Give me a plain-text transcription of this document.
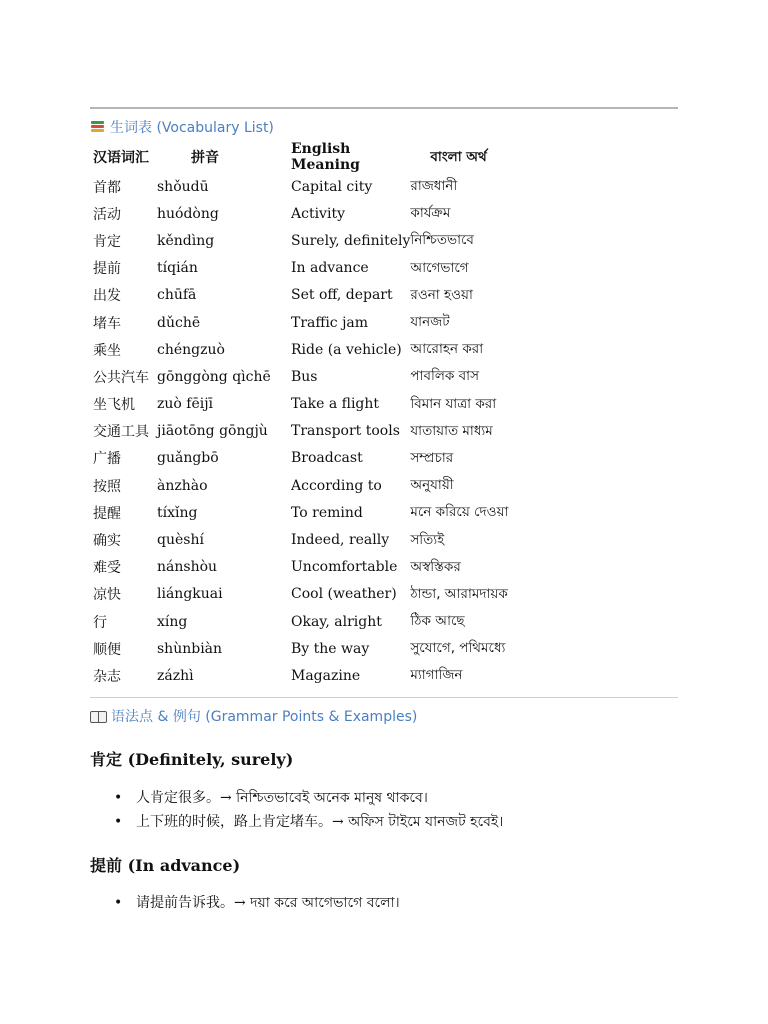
生词表 (Vocabulary List)
汉语词汇	拼音	English Meaning	বাংলা অর্থ
首都	shǒudū	Capital city	রাজধানী
活动	huódòng	Activity	কার্যক্রম
肯定	kěndìng	Surely, definitely	নিশ্চিতভাবে
提前	tíqián	In advance	আগেভাগে
出发	chūfā	Set off, depart	রওনা হওয়া
堵车	dǔchē	Traffic jam	যানজট
乘坐	chéngzuò	Ride (a vehicle)	আরোহন করা
公共汽车	gōnggòng qìchē	Bus	পাবলিক বাস
坐飞机	zuò fēijī	Take a flight	বিমান যাত্রা করা
交通工具	jiāotōng gōngjù	Transport tools	যাতায়াত মাধ্যম
广播	guǎngbō	Broadcast	সম্প্রচার
按照	ànzhào	According to	অনুযায়ী
提醒	tíxǐng	To remind	মনে করিয়ে দেওয়া
确实	quèshí	Indeed, really	সত্যিই
难受	nánshòu	Uncomfortable	অস্বস্তিকর
凉快	liángkuai	Cool (weather)	ঠান্ডা, আরামদায়ক
行	xíng	Okay, alright	ঠিক আছে
顺便	shùnbiàn	By the way	সুযোগে, পথিমধ্যে
杂志	zázhì	Magazine	ম্যাগাজিন
语法点 & 例句 (Grammar Points & Examples)
肯定 (Definitely, surely)
• 人肯定很多。→ নিশ্চিতভাবেই অনেক মানুষ থাকবে।
• 上下班的时候，路上肯定堵车。→ অফিস টাইমে যানজট হবেই।
提前 (In advance)
• 请提前告诉我。→ দয়া করে আগেভাগে বলো।
